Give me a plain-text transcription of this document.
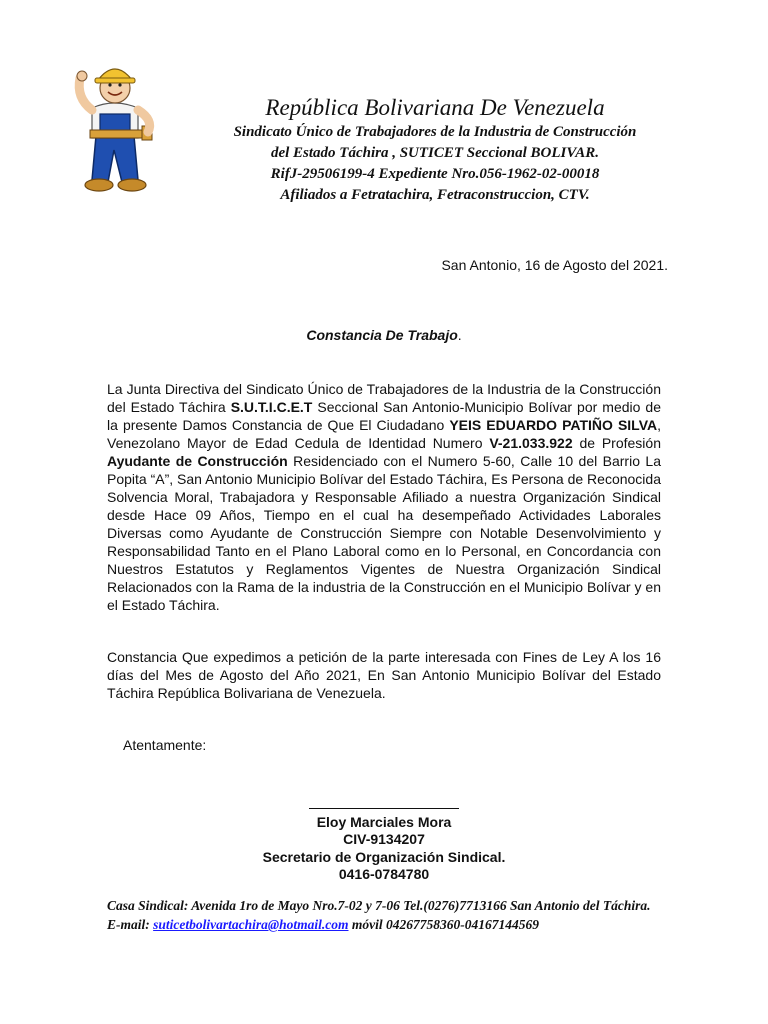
República Bolivariana De Venezuela
Sindicato Único de Trabajadores de la Industria de Construcción
del Estado Táchira , SUTICET Seccional BOLIVAR.
RifJ-29506199-4 Expediente Nro.056-1962-02-00018
Afiliados a Fetratachira, Fetraconstruccion, CTV.
San Antonio, 16 de Agosto del 2021.
Constancia De Trabajo.
La Junta Directiva del Sindicato Único de Trabajadores de la Industria de la Construcción del Estado Táchira S.U.T.I.C.E.T Seccional San Antonio-Municipio Bolívar por medio de la presente Damos Constancia de Que El Ciudadano YEIS EDUARDO PATIÑO SILVA, Venezolano Mayor de Edad Cedula de Identidad Numero V-21.033.922 de Profesión Ayudante de Construcción Residenciado con el Numero 5-60, Calle 10 del Barrio La Popita “A”, San Antonio Municipio Bolívar del Estado Táchira, Es Persona de Reconocida Solvencia Moral, Trabajadora y Responsable Afiliado a nuestra Organización Sindical desde Hace 09 Años, Tiempo en el cual ha desempeñado Actividades Laborales Diversas como Ayudante de Construcción Siempre con Notable Desenvolvimiento y Responsabilidad Tanto en el Plano Laboral como en lo Personal, en Concordancia con Nuestros Estatutos y Reglamentos Vigentes de Nuestra Organización Sindical Relacionados con la Rama de la industria de la Construcción en el Municipio Bolívar y en el Estado Táchira.
Constancia Que expedimos a petición de la parte interesada con Fines de Ley A los 16 días del Mes de Agosto del Año 2021, En San Antonio Municipio Bolívar del Estado Táchira República Bolivariana de Venezuela.
Atentamente:
Eloy Marciales Mora
CIV-9134207
Secretario de Organización Sindical.
0416-0784780
Casa Sindical: Avenida 1ro de Mayo Nro.7-02 y 7-06 Tel.(0276)7713166 San Antonio del Táchira. E-mail: suticetbolivartachira@hotmail.com móvil 04267758360-04167144569
